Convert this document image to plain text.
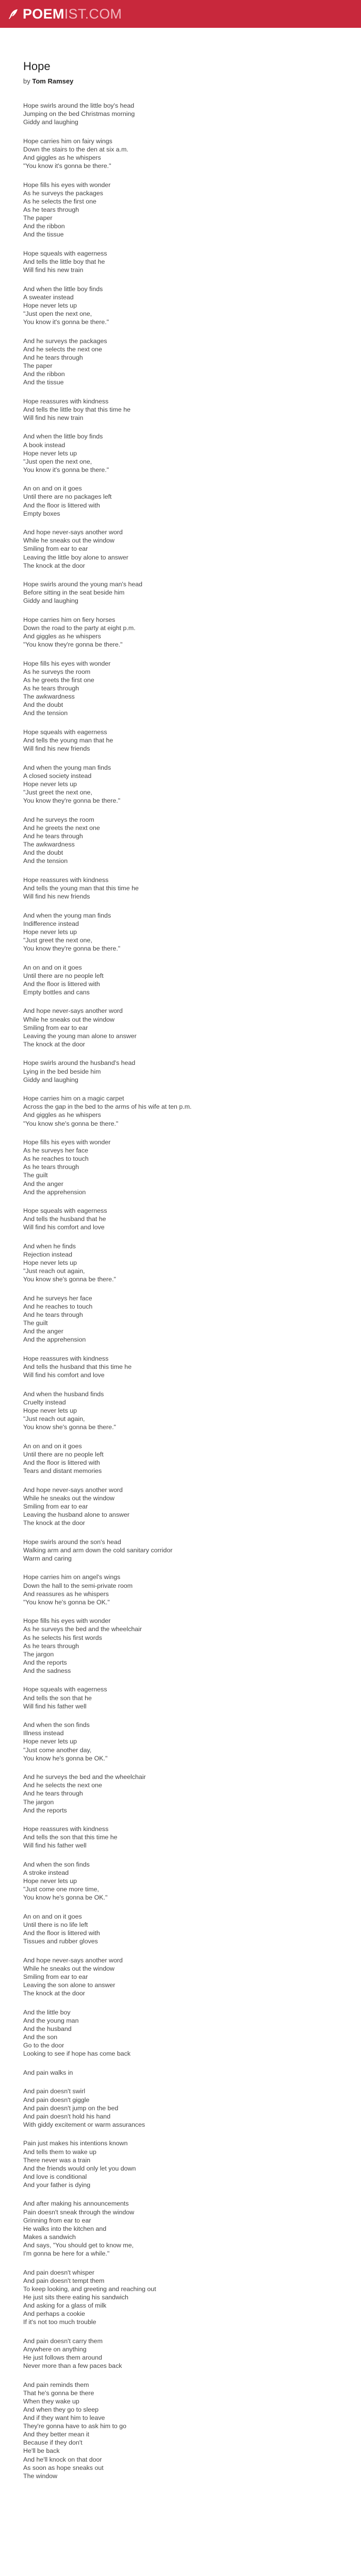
POEMIST.COM
Hope
by Tom Ramsey
Hope swirls around the little boy's head
Jumping on the bed Christmas morning
Giddy and laughing
Hope carries him on fairy wings
Down the stairs to the den at six a.m.
And giggles as he whispers
"You know it's gonna be there."
Hope fills his eyes with wonder
As he surveys the packages
As he selects the first one
As he tears through
The paper
And the ribbon
And the tissue
Hope squeals with eagerness
And tells the little boy that he
Will find his new train
And when the little boy finds
A sweater instead
Hope never lets up
"Just open the next one,
You know it's gonna be there."
And he surveys the packages
And he selects the next one
And he tears through
The paper
And the ribbon
And the tissue
Hope reassures with kindness
And tells the little boy that this time he
Will find his new train
And when the little boy finds
A book instead
Hope never lets up
"Just open the next one,
You know it's gonna be there."
An on and on it goes
Until there are no packages left
And the floor is littered with
Empty boxes
And hope never-says another word
While he sneaks out the window
Smiling from ear to ear
Leaving the little boy alone to answer
The knock at the door
Hope swirls around the young man's head
Before sitting in the seat beside him
Giddy and laughing
Hope carries him on fiery horses
Down the road to the party at eight p.m.
And giggles as he whispers
"You know they're gonna be there."
Hope fills his eyes with wonder
As he surveys the room
As he greets the first one
As he tears through
The awkwardness
And the doubt
And the tension
Hope squeals with eagerness
And tells the young man that he
Will find his new friends
And when the young man finds
A closed society instead
Hope never lets up
"Just greet the next one,
You know they're gonna be there."
And he surveys the room
And he greets the next one
And he tears through
The awkwardness
And the doubt
And the tension
Hope reassures with kindness
And tells the young man that this time he
Will find his new friends
And when the young man finds
Indifference instead
Hope never lets up
"Just greet the next one,
You know they're gonna be there."
An on and on it goes
Until there are no people left
And the floor is littered with
Empty bottles and cans
And hope never-says another word
While he sneaks out the window
Smiling from ear to ear
Leaving the young man alone to answer
The knock at the door
Hope swirls around the husband's head
Lying in the bed beside him
Giddy and laughing
Hope carries him on a magic carpet
Across the gap in the bed to the arms of his wife at ten p.m.
And giggles as he whispers
"You know she's gonna be there."
Hope fills his eyes with wonder
As he surveys her face
As he reaches to touch
As he tears through
The guilt
And the anger
And the apprehension
Hope squeals with eagerness
And tells the husband that he
Will find his comfort and love
And when he finds
Rejection instead
Hope never lets up
"Just reach out again,
You know she's gonna be there."
And he surveys her face
And he reaches to touch
And he tears through
The guilt
And the anger
And the apprehension
Hope reassures with kindness
And tells the husband that this time he
Will find his comfort and love
And when the husband finds
Cruelty instead
Hope never lets up
"Just reach out again,
You know she's gonna be there."
An on and on it goes
Until there are no people left
And the floor is littered with
Tears and distant memories
And hope never-says another word
While he sneaks out the window
Smiling from ear to ear
Leaving the husband alone to answer
The knock at the door
Hope swirls around the son's head
Walking arm and arm down the cold sanitary corridor
Warm and caring
Hope carries him on angel's wings
Down the hall to the semi-private room
And reassures as he whispers
"You know he's gonna be OK."
Hope fills his eyes with wonder
As he surveys the bed and the wheelchair
As he selects his first words
As he tears through
The jargon
And the reports
And the sadness
Hope squeals with eagerness
And tells the son that he
Will find his father well
And when the son finds
Illness instead
Hope never lets up
"Just come another day,
You know he's gonna be OK."
And he surveys the bed and the wheelchair
And he selects the next one
And he tears through
The jargon
And the reports
Hope reassures with kindness
And tells the son that this time he
Will find his father well
And when the son finds
A stroke instead
Hope never lets up
"Just come one more time,
You know he's gonna be OK."
An on and on it goes
Until there is no life left
And the floor is littered with
Tissues and rubber gloves
And hope never-says another word
While he sneaks out the window
Smiling from ear to ear
Leaving the son alone to answer
The knock at the door
And the little boy
And the young man
And the husband
And the son
Go to the door
Looking to see if hope has come back
And pain walks in
And pain doesn't swirl
And pain doesn't giggle
And pain doesn't jump on the bed
And pain doesn't hold his hand
With giddy excitement or warm assurances
Pain just makes his intentions known
And tells them to wake up
There never was a train
And the friends would only let you down
And love is conditional
And your father is dying
And after making his announcements
Pain doesn't sneak through the window
Grinning from ear to ear
He walks into the kitchen and
Makes a sandwich
And says, "You should get to know me,
I'm gonna be here for a while."
And pain doesn't whisper
And pain doesn't tempt them
To keep looking, and greeting and reaching out
He just sits there eating his sandwich
And asking for a glass of milk
And perhaps a cookie
If it's not too much trouble
And pain doesn't carry them
Anywhere on anything
He just follows them around
Never more than a few paces back
And pain reminds them
That he's gonna be there
When they wake up
And when they go to sleep
And if they want him to leave
They're gonna have to ask him to go
And they better mean it
Because if they don't
He'll be back
And he'll knock on that door
As soon as hope sneaks out
The window
